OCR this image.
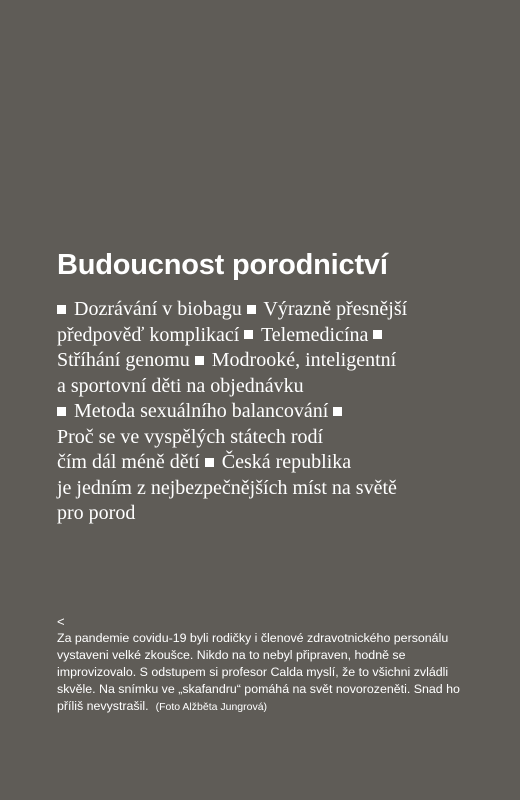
Budoucnost porodnictví
Dozrávání v biobagu  Výrazně přesnější
předpověď komplikací  Telemedicína
Stříhání genomu  Modrooké, inteligentní
a sportovní děti na objednávku
Metoda sexuálního balancování
Proč se ve vyspělých státech rodí
čím dál méně dětí  Česká republika
je jedním z nejbezpečnějších míst na světě
pro porod
<
Za pandemie covidu-19 byli rodičky i členové zdravotnického personálu
vystaveni velké zkoušce. Nikdo na to nebyl připraven, hodně se
improvizovalo. S odstupem si profesor Calda myslí, že to všichni zvládli
skvěle. Na snímku ve „skafandru“ pomáhá na svět novorozeněti. Snad ho
příliš nevystrašil. (Foto Alžběta Jungrová)
